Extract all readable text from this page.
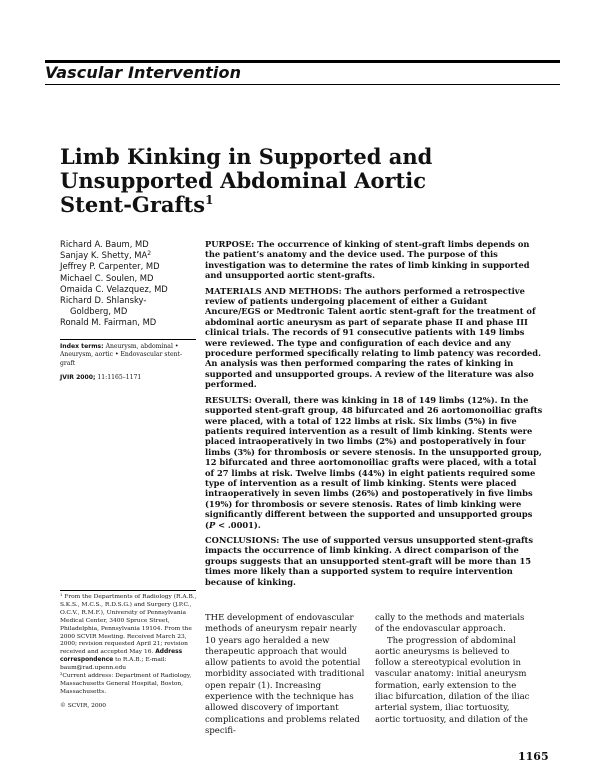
Vascular Intervention
Limb Kinking in Supported and Unsupported Abdominal Aortic Stent-Grafts$^1$
Richard A. Baum, MD
Sanjay K. Shetty, $MA^2$
Jeffrey P. Carpenter, MD
Michael C. Soulen, MD
Omaida C. Velazquez, MD
Richard D. Shlansky-
Goldberg, MD
Ronald M. Fairman, MD
Index terms: Aneurysm, abdominal • Aneurysm, aortic • Endovascular stent-graft
JVIR 2000; 11:1165–1171

PURPOSE: The occurrence of kinking of stent-graft limbs depends on the patient’s anatomy and the device used. The purpose of this investigation was to determine the rates of limb kinking in supported and unsupported aortic stent-grafts.

MATERIALS AND METHODS: The authors performed a retrospective review of patients undergoing placement of either a Guidant Ancure/EGS or Medtronic Talent aortic stent-graft for the treatment of abdominal aortic aneurysm as part of separate phase II and phase III clinical trials. The records of 91 consecutive patients with 149 limbs were reviewed. The type and configuration of each device and any procedure performed specifically relating to limb patency was recorded. An analysis was then performed comparing the rates of kinking in supported and unsupported groups. A review of the literature was also performed.

RESULTS: Overall, there was kinking in 18 of 149 limbs (12%). In the supported stent-graft group, 48 bifurcated and 26 aortomonoiliac grafts were placed, with a total of 122 limbs at risk. Six limbs (5%) in five patients required intervention as a result of limb kinking. Stents were placed intraoperatively in two limbs (2%) and postoperatively in four limbs (3%) for thrombosis or severe stenosis. In the unsupported group, 12 bifurcated and three aortomonoiliac grafts were placed, with a total of 27 limbs at risk. Twelve limbs (44%) in eight patients required some type of intervention as a result of limb kinking. Stents were placed intraoperatively in seven limbs (26%) and postoperatively in five limbs (19%) for thrombosis or severe stenosis. Rates of limb kinking were significantly different between the supported and unsupported groups (P < .0001).

CONCLUSIONS: The use of supported versus unsupported stent-grafts impacts the occurrence of limb kinking. A direct comparison of the groups suggests that an unsupported stent-graft will be more than 15 times more likely than a supported system to require intervention because of kinking.

¹ From the Departments of Radiology (R.A.B., S.K.S., M.C.S., R.D.S.G.) and Surgery (J.P.C., O.C.V., R.M.F.), University of Pennsylvania Medical Center, 3400 Spruce Street, Philadelphia, Pennsylvania 19104. From the 2000 SCVIR Meeting. Received March 23, 2000; revision requested April 21; revision received and accepted May 16. Address correspondence to R.A.B.; E-mail: baum@rad.upenn.edu

²Current address: Department of Radiology, Massachusetts General Hospital, Boston, Massachusetts.

© SCVIR, 2000

THE development of endovascular methods of aneurysm repair nearly 10 years ago heralded a new therapeutic approach that would allow patients to avoid the potential morbidity associated with traditional open repair (1). Increasing experience with the technique has allowed discovery of important complications and problems related specifi-

cally to the methods and materials of the endovascular approach.

The progression of abdominal aortic aneurysms is believed to follow a stereotypical evolution in vascular anatomy: initial aneurysm formation, early extension to the iliac bifurcation, dilation of the iliac arterial system, iliac tortuosity, aortic tortuosity, and dilation of the

1165
